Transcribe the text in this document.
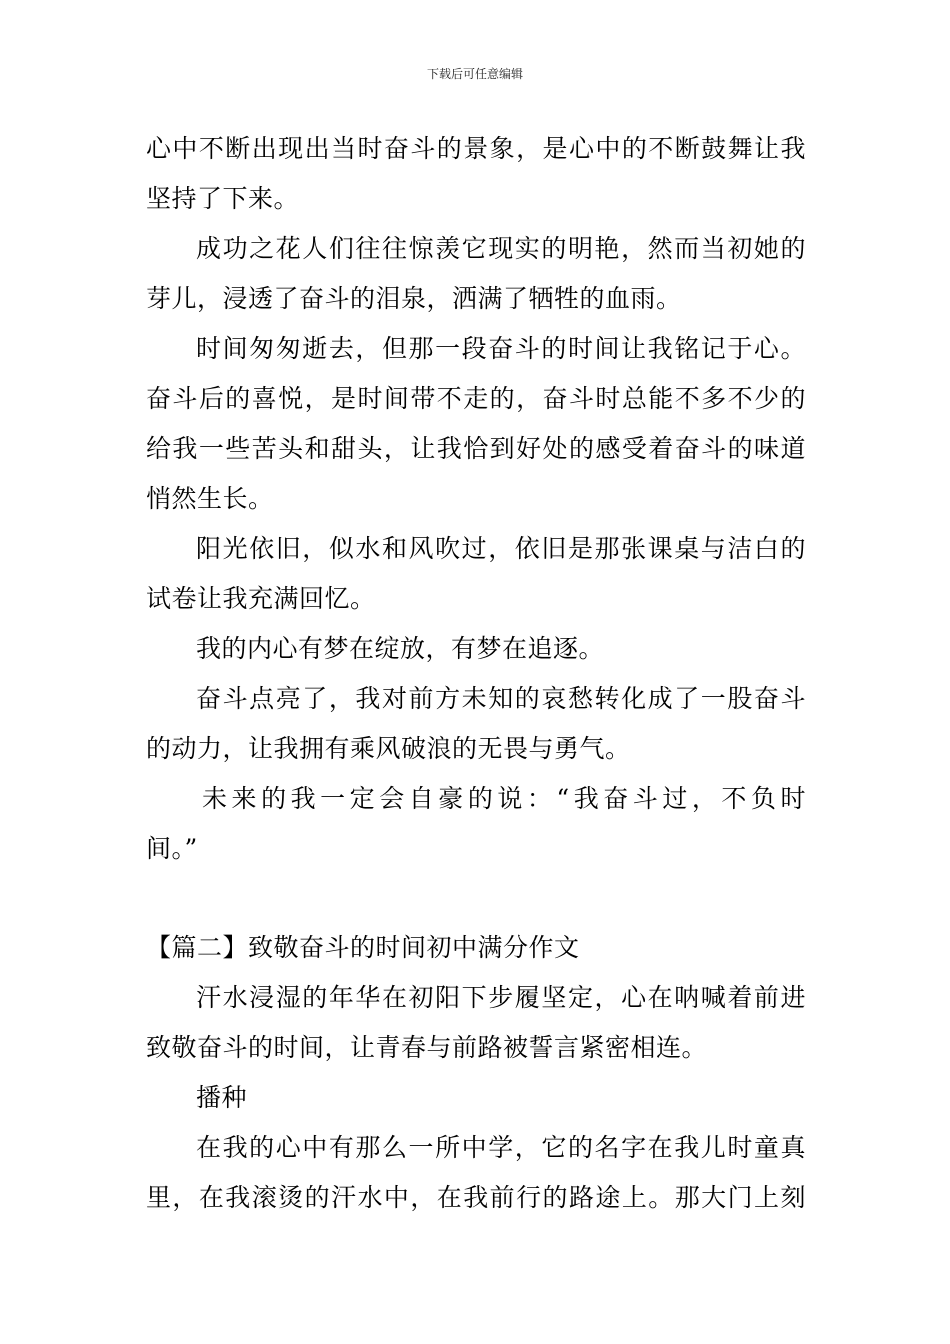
下载后可任意编辑
心中不断出现出当时奋斗的景象，是心中的不断鼓舞让我
坚持了下来。
成功之花人们往往惊羡它现实的明艳，然而当初她的
芽儿，浸透了奋斗的泪泉，洒满了牺牲的血雨。
时间匆匆逝去，但那一段奋斗的时间让我铭记于心。
奋斗后的喜悦，是时间带不走的，奋斗时总能不多不少的
给我一些苦头和甜头，让我恰到好处的感受着奋斗的味道
悄然生长。
阳光依旧，似水和风吹过，依旧是那张课桌与洁白的
试卷让我充满回忆。
我的内心有梦在绽放，有梦在追逐。
奋斗点亮了，我对前方未知的哀愁转化成了一股奋斗
的动力，让我拥有乘风破浪的无畏与勇气。
未来的我一定会自豪的说：“我奋斗过，不负时
间。”
【篇二】致敬奋斗的时间初中满分作文
汗水浸湿的年华在初阳下步履坚定，心在呐喊着前进
致敬奋斗的时间，让青春与前路被誓言紧密相连。
播种
在我的心中有那么一所中学，它的名字在我儿时童真
里，在我滚烫的汗水中，在我前行的路途上。那大门上刻
